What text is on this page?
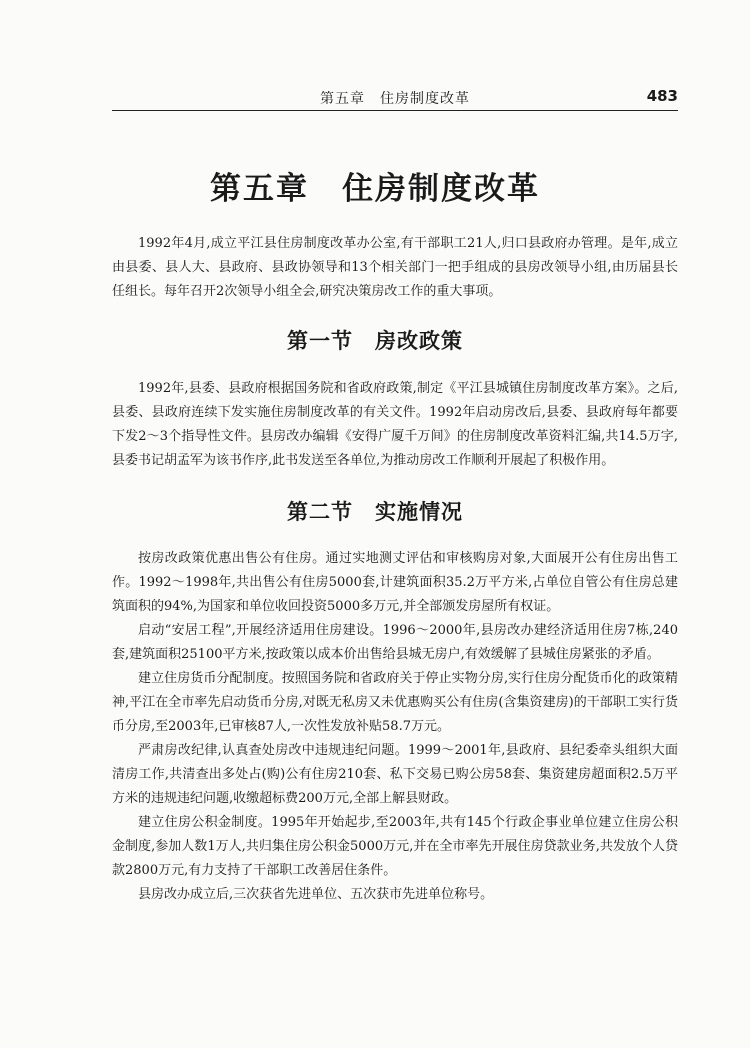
第五章　住房制度改革	483
第五章　住房制度改革

1992年4月,成立平江县住房制度改革办公室,有干部职工21人,归口县政府办管理。是年,成立由县委、县人大、县政府、县政协领导和13个相关部门一把手组成的县房改领导小组,由历届县长任组长。每年召开2次领导小组全会,研究决策房改工作的重大事项。

第一节　房改政策

1992年,县委、县政府根据国务院和省政府政策,制定《平江县城镇住房制度改革方案》。之后,县委、县政府连续下发实施住房制度改革的有关文件。1992年启动房改后,县委、县政府每年都要下发2～3个指导性文件。县房改办编辑《安得广厦千万间》的住房制度改革资料汇编,共14.5万字,县委书记胡孟军为该书作序,此书发送至各单位,为推动房改工作顺利开展起了积极作用。

第二节　实施情况

按房改政策优惠出售公有住房。通过实地测丈评估和审核购房对象,大面展开公有住房出售工作。1992～1998年,共出售公有住房5000套,计建筑面积35.2万平方米,占单位自管公有住房总建筑面积的94%,为国家和单位收回投资5000多万元,并全部颁发房屋所有权证。

启动“安居工程”,开展经济适用住房建设。1996～2000年,县房改办建经济适用住房7栋,240套,建筑面积25100平方米,按政策以成本价出售给县城无房户,有效缓解了县城住房紧张的矛盾。

建立住房货币分配制度。按照国务院和省政府关于停止实物分房,实行住房分配货币化的政策精神,平江在全市率先启动货币分房,对既无私房又未优惠购买公有住房(含集资建房)的干部职工实行货币分房,至2003年,已审核87人,一次性发放补贴58.7万元。

严肃房改纪律,认真查处房改中违规违纪问题。1999～2001年,县政府、县纪委牵头组织大面清房工作,共清查出多处占(购)公有住房210套、私下交易已购公房58套、集资建房超面积2.5万平方米的违规违纪问题,收缴超标费200万元,全部上解县财政。

建立住房公积金制度。1995年开始起步,至2003年,共有145个行政企事业单位建立住房公积金制度,参加人数1万人,共归集住房公积金5000万元,并在全市率先开展住房贷款业务,共发放个人贷款2800万元,有力支持了干部职工改善居住条件。

县房改办成立后,三次获省先进单位、五次获市先进单位称号。
